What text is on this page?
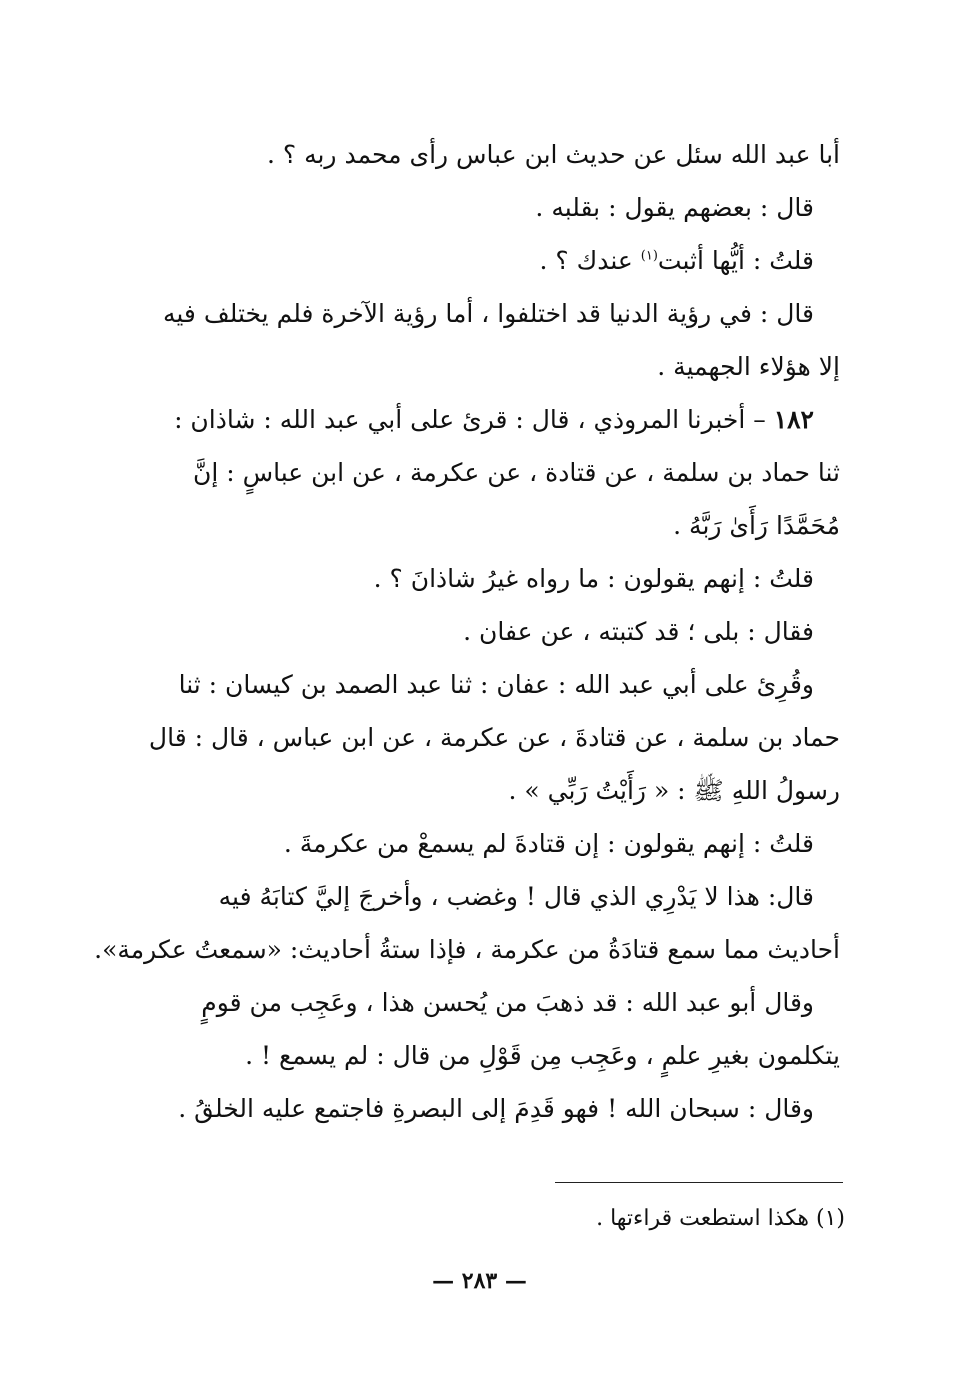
أبا عبد الله سئل عن حديث ابن عباس رأى محمد ربه ؟ .

قال : بعضهم يقول : بقلبه .

قلتُ : أيُّها أثبت$^{(١)}$ عندك ؟ .

قال : في رؤية الدنيا قد اختلفوا ، أما رؤية الآخرة فلم يختلف فيه

إلا هؤلاء الجهمية .

١٨٢ – أخبرنا المروذي ، قال : قرئ على أبي عبد الله : شاذان :

ثنا حماد بن سلمة ، عن قتادة ، عن عكرمة ، عن ابن عباسٍ : إنَّ

مُحَمَّدًا رَأَىٰ رَبَّهُ .

قلتُ : إنهم يقولون : ما رواه غيرُ شاذانَ ؟ .

فقال : بلى ؛ قد كتبته ، عن عفان .

وقُرِئ على أبي عبد الله : عفان : ثنا عبد الصمد بن كيسان : ثنا

حماد بن سلمة ، عن قتادةَ ، عن عكرمة ، عن ابن عباس ، قال : قال

رسولُ اللهِ ﷺ : « رَأَيْتُ رَبِّي » .

قلتُ : إنهم يقولون : إن قتادةَ لم يسمعْ من عكرمةَ .

قال: هذا لا يَدْرِي الذي قال ! وغضب ، وأخرجَ إليَّ كتابَهُ فيه

أحاديث مما سمع قتادَةُ من عكرمة ، فإذا ستةُ أحاديث: «سمعتُ عكرمة».

وقال أبو عبد الله : قد ذهبَ من يُحسن هذا ، وعَجِب من قومٍ

يتكلمون بغيرِ علمٍ ، وعَجِب مِن قَوْلِ من قال : لم يسمع ! .

وقال : سبحان الله ! فهو قَدِمَ إلى البصرةِ فاجتمع عليه الخلقُ .

(١) هكذا استطعت قراءتها .
— ٢٨٣ —
